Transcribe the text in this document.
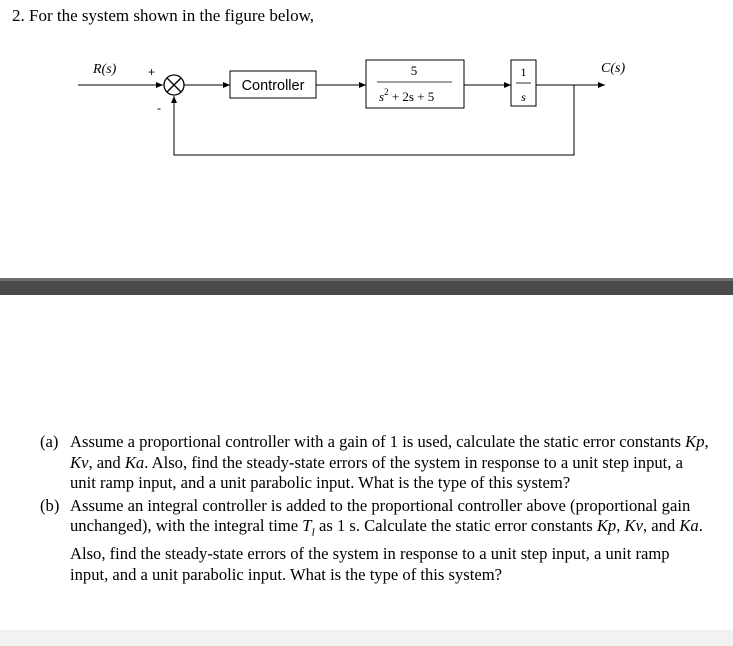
2. For the system shown in the figure below,

R(s)	+
-
Controller
5
$s^2 + 2s + 5$
1
s
C(s)
(a) Assume a proportional controller with a gain of 1 is used, calculate the static error constants Kp, Kv, and Ka. Also, find the steady-state errors of the system in response to a unit step input, a unit ramp input, and a unit parabolic input. What is the type of this system?
(b) Assume an integral controller is added to the proportional controller above (proportional gain unchanged), with the integral time $T_I$ as 1 s. Calculate the static error constants Kp, Kv, and Ka. Also, find the steady-state errors of the system in response to a unit step input, a unit ramp input, and a unit parabolic input. What is the type of this system?
